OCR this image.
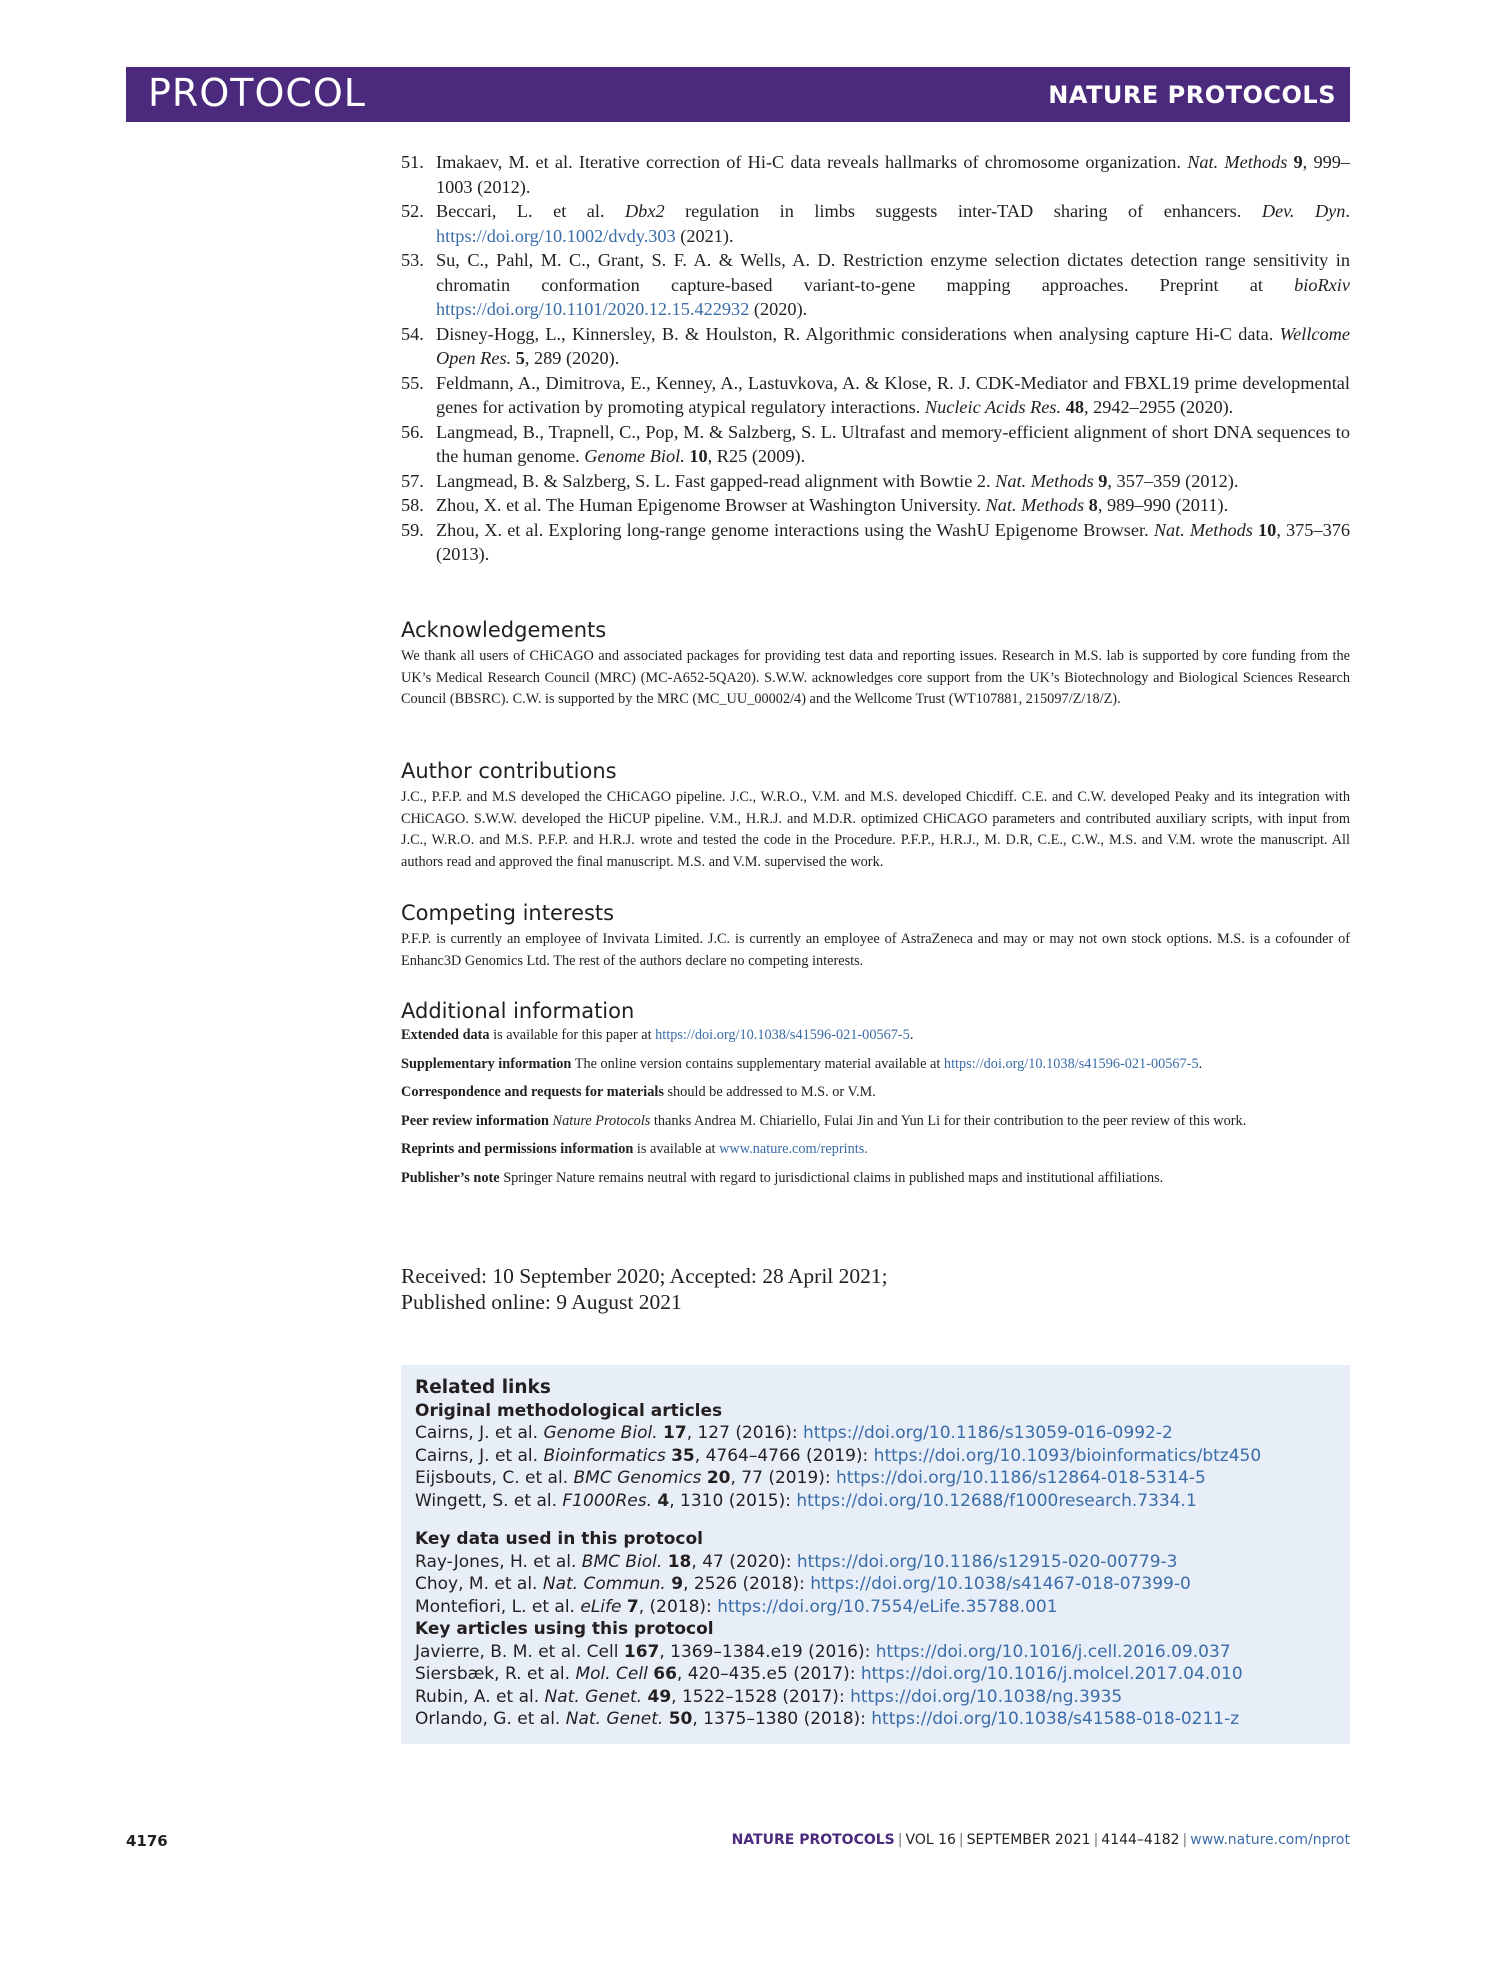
PROTOCOL	NATURE PROTOCOLS
51. Imakaev, M. et al. Iterative correction of Hi-C data reveals hallmarks of chromosome organization. Nat. Methods 9, 999–1003 (2012).
52. Beccari, L. et al. Dbx2 regulation in limbs suggests inter-TAD sharing of enhancers. Dev. Dyn. https://doi.org/10.1002/dvdy.303 (2021).
53. Su, C., Pahl, M. C., Grant, S. F. A. & Wells, A. D. Restriction enzyme selection dictates detection range sensitivity in chromatin conformation capture-based variant-to-gene mapping approaches. Preprint at bioRxiv https://doi.org/10.1101/2020.12.15.422932 (2020).
54. Disney-Hogg, L., Kinnersley, B. & Houlston, R. Algorithmic considerations when analysing capture Hi-C data. Wellcome Open Res. 5, 289 (2020).
55. Feldmann, A., Dimitrova, E., Kenney, A., Lastuvkova, A. & Klose, R. J. CDK-Mediator and FBXL19 prime developmental genes for activation by promoting atypical regulatory interactions. Nucleic Acids Res. 48, 2942–2955 (2020).
56. Langmead, B., Trapnell, C., Pop, M. & Salzberg, S. L. Ultrafast and memory-efficient alignment of short DNA sequences to the human genome. Genome Biol. 10, R25 (2009).
57. Langmead, B. & Salzberg, S. L. Fast gapped-read alignment with Bowtie 2. Nat. Methods 9, 357–359 (2012).
58. Zhou, X. et al. The Human Epigenome Browser at Washington University. Nat. Methods 8, 989–990 (2011).
59. Zhou, X. et al. Exploring long-range genome interactions using the WashU Epigenome Browser. Nat. Methods 10, 375–376 (2013).
Acknowledgements

We thank all users of CHiCAGO and associated packages for providing test data and reporting issues. Research in M.S. lab is supported by core funding from the UK’s Medical Research Council (MRC) (MC-A652-5QA20). S.W.W. acknowledges core support from the UK’s Biotechnology and Biological Sciences Research Council (BBSRC). C.W. is supported by the MRC (MC_UU_00002/4) and the Wellcome Trust (WT107881, 215097/Z/18/Z).

Author contributions

J.C., P.F.P. and M.S developed the CHiCAGO pipeline. J.C., W.R.O., V.M. and M.S. developed Chicdiff. C.E. and C.W. developed Peaky and its integration with CHiCAGO. S.W.W. developed the HiCUP pipeline. V.M., H.R.J. and M.D.R. optimized CHiCAGO parameters and contributed auxiliary scripts, with input from J.C., W.R.O. and M.S. P.F.P. and H.R.J. wrote and tested the code in the Procedure. P.F.P., H.R.J., M. D.R, C.E., C.W., M.S. and V.M. wrote the manuscript. All authors read and approved the final manuscript. M.S. and V.M. supervised the work.

Competing interests

P.F.P. is currently an employee of Invivata Limited. J.C. is currently an employee of AstraZeneca and may or may not own stock options. M.S. is a cofounder of Enhanc3D Genomics Ltd. The rest of the authors declare no competing interests.

Additional information

Extended data is available for this paper at https://doi.org/10.1038/s41596-021-00567-5.

Supplementary information The online version contains supplementary material available at https://doi.org/10.1038/s41596-021-00567-5.

Correspondence and requests for materials should be addressed to M.S. or V.M.

Peer review information Nature Protocols thanks Andrea M. Chiariello, Fulai Jin and Yun Li for their contribution to the peer review of this work.

Reprints and permissions information is available at www.nature.com/reprints.

Publisher’s note Springer Nature remains neutral with regard to jurisdictional claims in published maps and institutional affiliations.

Received: 10 September 2020; Accepted: 28 April 2021;
Published online: 9 August 2021
Related links
Original methodological articles
Cairns, J. et al. Genome Biol. 17, 127 (2016): https://doi.org/10.1186/s13059-016-0992-2
Cairns, J. et al. Bioinformatics 35, 4764–4766 (2019): https://doi.org/10.1093/bioinformatics/btz450
Eijsbouts, C. et al. BMC Genomics 20, 77 (2019): https://doi.org/10.1186/s12864-018-5314-5
Wingett, S. et al. F1000Res. 4, 1310 (2015): https://doi.org/10.12688/f1000research.7334.1
Key data used in this protocol
Ray-Jones, H. et al. BMC Biol. 18, 47 (2020): https://doi.org/10.1186/s12915-020-00779-3
Choy, M. et al. Nat. Commun. 9, 2526 (2018): https://doi.org/10.1038/s41467-018-07399-0
Montefiori, L. et al. eLife 7, (2018): https://doi.org/10.7554/eLife.35788.001
Key articles using this protocol
Javierre, B. M. et al. Cell 167, 1369–1384.e19 (2016): https://doi.org/10.1016/j.cell.2016.09.037
Siersbæk, R. et al. Mol. Cell 66, 420–435.e5 (2017): https://doi.org/10.1016/j.molcel.2017.04.010
Rubin, A. et al. Nat. Genet. 49, 1522–1528 (2017): https://doi.org/10.1038/ng.3935
Orlando, G. et al. Nat. Genet. 50, 1375–1380 (2018): https://doi.org/10.1038/s41588-018-0211-z
4176	NATURE PROTOCOLS | VOL 16 | SEPTEMBER 2021 | 4144–4182 | www.nature.com/nprot
